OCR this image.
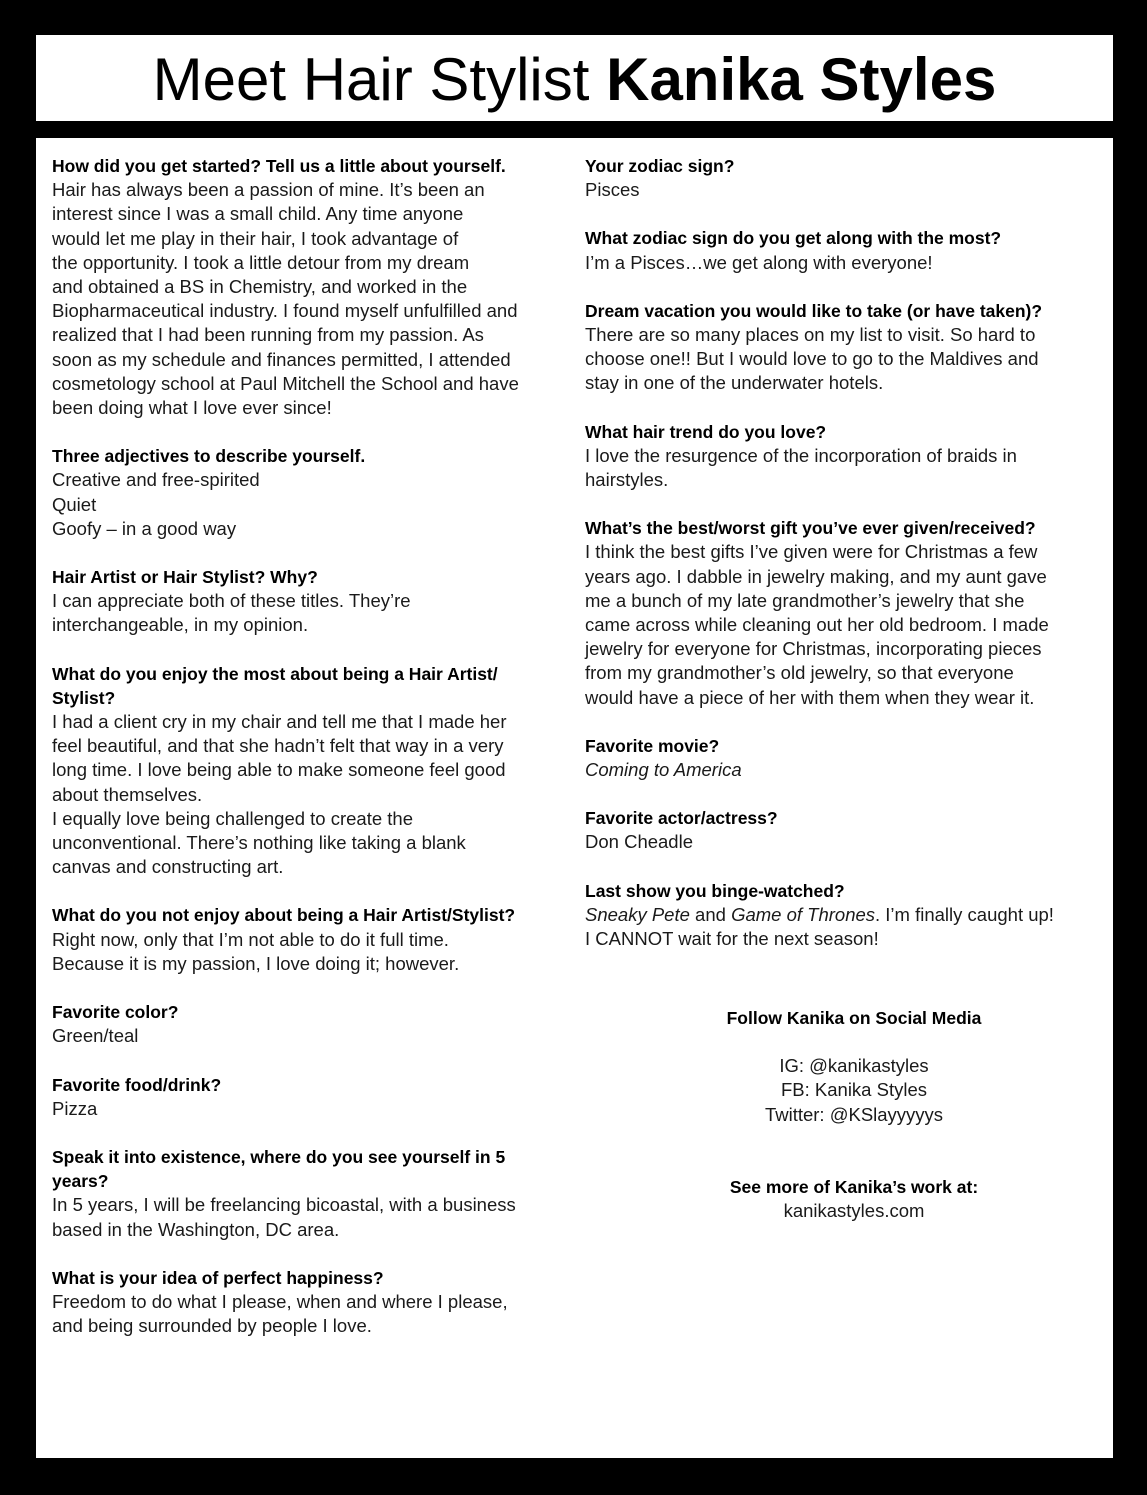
Meet Hair Stylist Kanika Styles

How did you get started? Tell us a little about yourself.

Hair has always been a passion of mine. It’s been an

interest since I was a small child. Any time anyone

would let me play in their hair, I took advantage of

the opportunity. I took a little detour from my dream

and obtained a BS in Chemistry, and worked in the

Biopharmaceutical industry. I found myself unfulfilled and

realized that I had been running from my passion. As

soon as my schedule and finances permitted, I attended

cosmetology school at Paul Mitchell the School and have

been doing what I love ever since!

Three adjectives to describe yourself.

Creative and free-spirited

Quiet

Goofy – in a good way

Hair Artist or Hair Stylist? Why?

I can appreciate both of these titles. They’re

interchangeable, in my opinion.

What do you enjoy the most about being a Hair Artist/

Stylist?

I had a client cry in my chair and tell me that I made her

feel beautiful, and that she hadn’t felt that way in a very

long time. I love being able to make someone feel good

about themselves.

I equally love being challenged to create the

unconventional. There’s nothing like taking a blank

canvas and constructing art.

What do you not enjoy about being a Hair Artist/Stylist?

Right now, only that I’m not able to do it full time.

Because it is my passion, I love doing it; however.

Favorite color?

Green/teal

Favorite food/drink?

Pizza

Speak it into existence, where do you see yourself in 5

years?

In 5 years, I will be freelancing bicoastal, with a business

based in the Washington, DC area.

What is your idea of perfect happiness?

Freedom to do what I please, when and where I please,

and being surrounded by people I love.

Your zodiac sign?

Pisces

What zodiac sign do you get along with the most?

I’m a Pisces…we get along with everyone!

Dream vacation you would like to take (or have taken)?

There are so many places on my list to visit. So hard to

choose one!! But I would love to go to the Maldives and

stay in one of the underwater hotels.

What hair trend do you love?

I love the resurgence of the incorporation of braids in

hairstyles.

What’s the best/worst gift you’ve ever given/received?

I think the best gifts I’ve given were for Christmas a few

years ago. I dabble in jewelry making, and my aunt gave

me a bunch of my late grandmother’s jewelry that she

came across while cleaning out her old bedroom. I made

jewelry for everyone for Christmas, incorporating pieces

from my grandmother’s old jewelry, so that everyone

would have a piece of her with them when they wear it.

Favorite movie?

Coming to America

Favorite actor/actress?

Don Cheadle

Last show you binge-watched?

Sneaky Pete and Game of Thrones. I’m finally caught up!

I CANNOT wait for the next season!

Follow Kanika on Social Media

IG: @kanikastyles

FB: Kanika Styles

Twitter: @KSlayyyyys

See more of Kanika’s work at:

kanikastyles.com
